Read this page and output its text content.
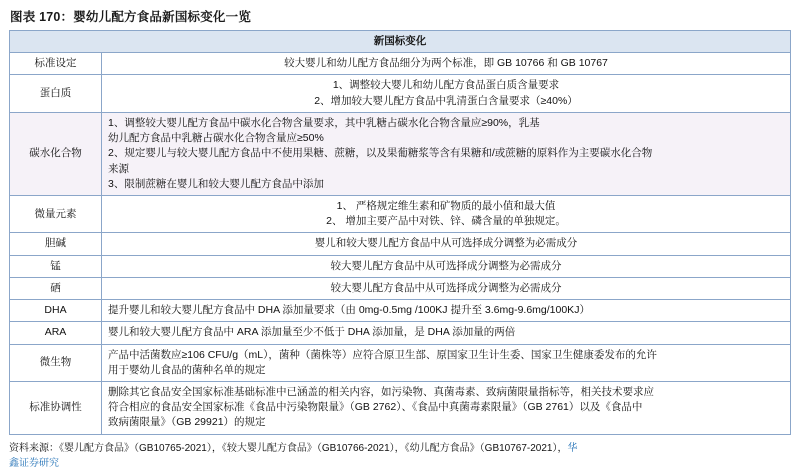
图表 170：婴幼儿配方食品新国标变化一览
新国标变化	
标准设定	较大婴儿和幼儿配方食品细分为两个标准，即 GB 10766 和 GB 10767

蛋白质	1、调整较大婴儿和幼儿配方食品蛋白质含量要求
2、增加较大婴儿配方食品中乳清蛋白含量要求（≥40%）

碳水化合物	1、调整较大婴儿配方食品中碳水化合物含量要求，其中乳糖占碳水化合物含量应≥90%，乳基
幼儿配方食品中乳糖占碳水化合物含量应≥50%
2、规定婴儿与较大婴儿配方食品中不使用果糖、蔗糖，以及果葡糖浆等含有果糖和/或蔗糖的原料作为主要碳水化合物
来源
3、限制蔗糖在婴儿和较大婴儿配方食品中添加

微量元素	1、 严格规定维生素和矿物质的最小值和最大值
2、 增加主要产品中对铁、锌、磷含量的单独规定。

胆碱	婴儿和较大婴儿配方食品中从可选择成分调整为必需成分

锰	较大婴儿配方食品中从可选择成分调整为必需成分

硒	较大婴儿配方食品中从可选择成分调整为必需成分

DHA	提升婴儿和较大婴儿配方食品中 DHA 添加量要求（由 0mg-0.5mg /100KJ 提升至 3.6mg-9.6mg/100KJ）

ARA	婴儿和较大婴儿配方食品中 ARA 添加量至少不低于 DHA 添加量，是 DHA 添加量的两倍

微生物	产品中活菌数应≥106 CFU/g（mL），菌种（菌株等）应符合原卫生部、原国家卫生计生委、国家卫生健康委发布的允许
用于婴幼儿食品的菌种名单的规定

标准协调性	删除其它食品安全国家标准基础标准中已涵盖的相关内容，如污染物、真菌毒素、致病菌限量指标等，相关技术要求应
符合相应的食品安全国家标准《食品中污染物限量》（GB 2762）、《食品中真菌毒素限量》（GB 2761）以及《食品中
致病菌限量》（GB 29921）的规定
资料来源：《婴儿配方食品》（GB10765-2021），《较大婴儿配方食品》（GB10766-2021），《幼儿配方食品》（GB10767-2021），华
鑫证券研究
